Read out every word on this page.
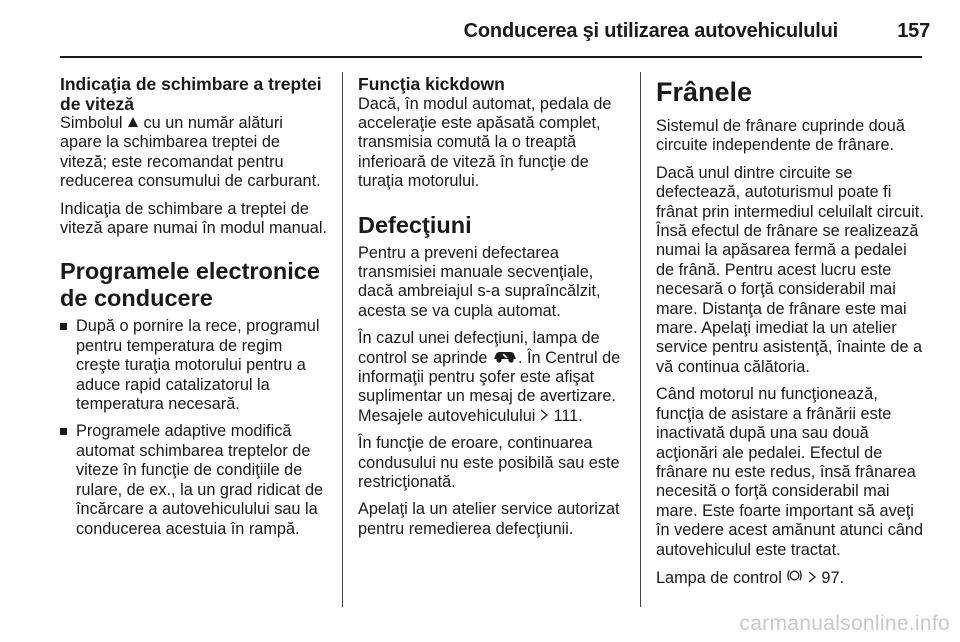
Conducerea şi utilizarea autovehiculului	157
Indicaţia de schimbare a treptei de viteză

Simbolul cu un număr alături apare la schimbarea treptei de viteză; este recomandat pentru reducerea consumului de carburant.

Indicaţia de schimbare a treptei de viteză apare numai în modul manual.

Programele electronice de conducere
După o pornire la rece, programul pentru temperatura de regim creşte turaţia motorului pentru a aduce rapid catalizatorul la temperatura necesară.
Programele adaptive modifică automat schimbarea treptelor de viteze în funcţie de condiţiile de rulare, de ex., la un grad ridicat de încărcare a autovehiculului sau la conducerea acestuia în rampă.
Funcţia kickdown

Dacă, în modul automat, pedala de acceleraţie este apăsată complet, transmisia comută la o treaptă inferioară de viteză în funcţie de turaţia motorului.

Defecţiuni

Pentru a preveni defectarea transmisiei manuale secvenţiale, dacă ambreiajul s-a supraîncălzit, acesta se va cupla automat.

În cazul unei defecţiuni, lampa de control se aprinde . În Centrul de informaţii pentru şofer este afişat suplimentar un mesaj de avertizare. Mesajele autovehiculului 111.

În funcţie de eroare, continuarea condusului nu este posibilă sau este restricţionată.

Apelaţi la un atelier service autorizat pentru remedierea defecţiunii.

Frânele

Sistemul de frânare cuprinde două circuite independente de frânare.

Dacă unul dintre circuite se defectează, autoturismul poate fi frânat prin intermediul celuilalt circuit. Însă efectul de frânare se realizează numai la apăsarea fermă a pedalei de frână. Pentru acest lucru este necesară o forţă considerabil mai mare. Distanţa de frânare este mai mare. Apelaţi imediat la un atelier service pentru asistenţă, înainte de a vă continua călătoria.

Când motorul nu funcţionează, funcţia de asistare a frânării este inactivată după una sau două acţionări ale pedalei. Efectul de frânare nu este redus, însă frânarea necesită o forţă considerabil mai mare. Este foarte important să aveţi în vedere acest amănunt atunci când autovehiculul este tractat.

Lampa de control 97.

carmanualsonline.info
